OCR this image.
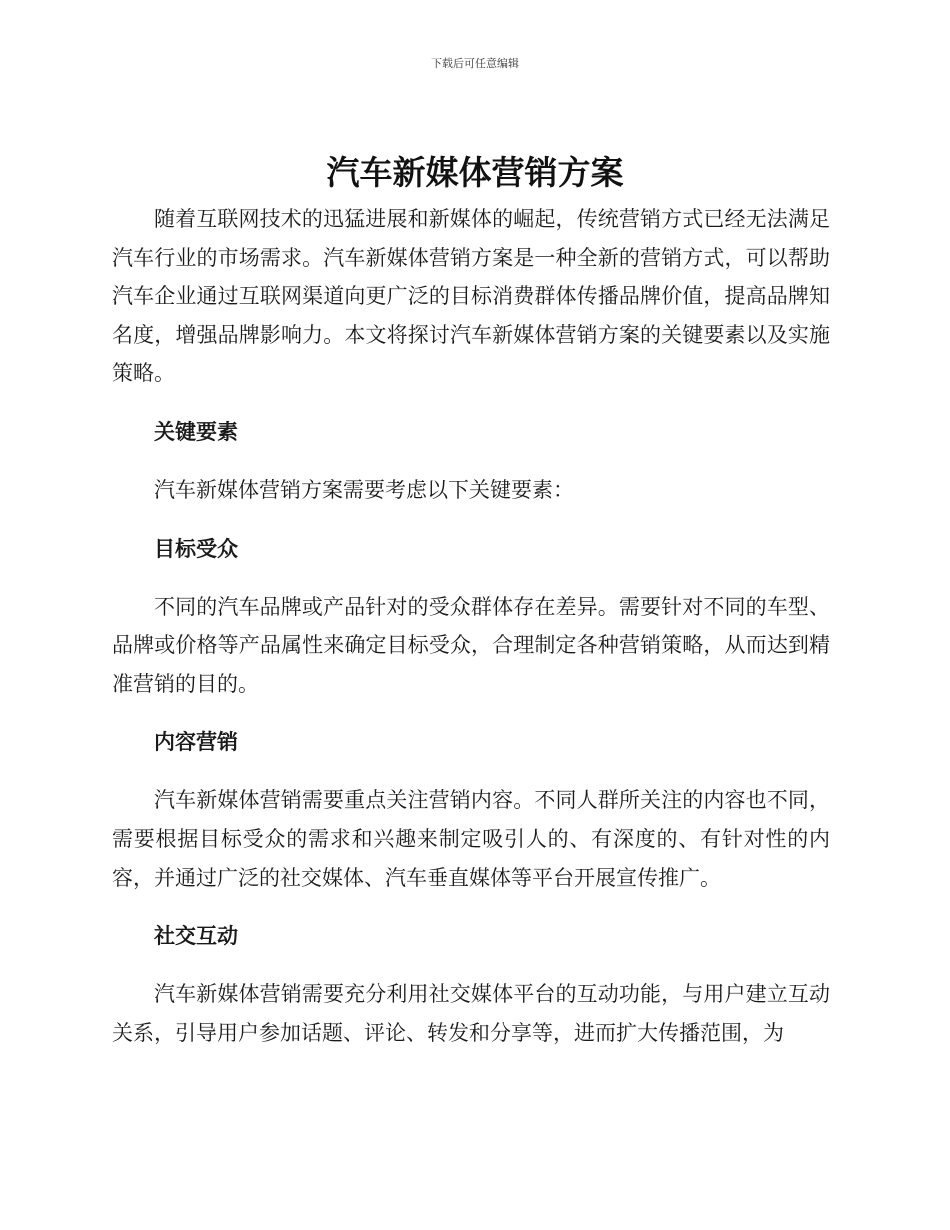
下载后可任意编辑
汽车新媒体营销方案

随着互联网技术的迅猛进展和新媒体的崛起，传统营销方式已经无法满足汽车行业的市场需求。汽车新媒体营销方案是一种全新的营销方式，可以帮助汽车企业通过互联网渠道向更广泛的目标消费群体传播品牌价值，提高品牌知名度，增强品牌影响力。本文将探讨汽车新媒体营销方案的关键要素以及实施策略。

关键要素

汽车新媒体营销方案需要考虑以下关键要素：

目标受众

不同的汽车品牌或产品针对的受众群体存在差异。需要针对不同的车型、品牌或价格等产品属性来确定目标受众，合理制定各种营销策略，从而达到精准营销的目的。

内容营销

汽车新媒体营销需要重点关注营销内容。不同人群所关注的内容也不同，需要根据目标受众的需求和兴趣来制定吸引人的、有深度的、有针对性的内容，并通过广泛的社交媒体、汽车垂直媒体等平台开展宣传推广。

社交互动

汽车新媒体营销需要充分利用社交媒体平台的互动功能，与用户建立互动关系，引导用户参加话题、评论、转发和分享等，进而扩大传播范围，为
